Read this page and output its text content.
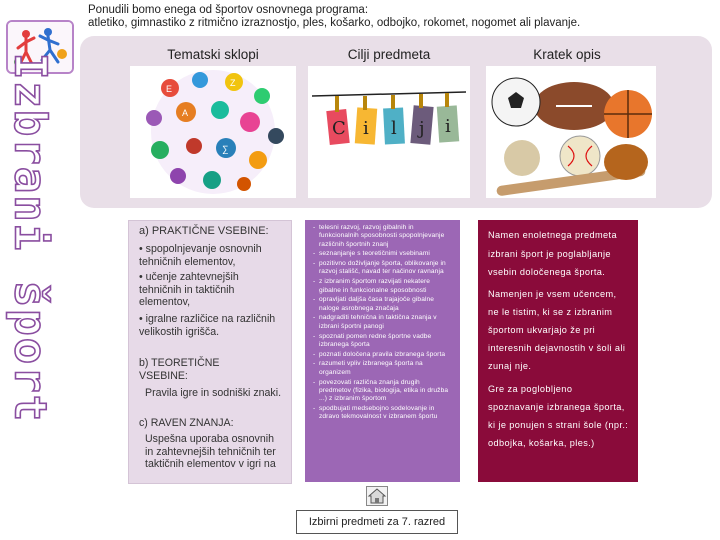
Ponudili bomo enega od športov osnovnega programa:
atletiko, gimnastiko z ritmično izraznostjo, ples, košarko, odbojko, rokomet, nogomet ali plavanje.
Izbrani šport	Tematski sklopi	Cilji predmeta	Kratek opis
E
Z
A
∑
C i l j i

a) PRAKTIČNE VSEBINE:

• spopolnjevanje osnovnih tehničnih elementov,

• učenje zahtevnejših tehničnih in taktičnih elementov,

• igralne različice na različnih velikostih igrišča.

b) TEORETIČNE VSEBINE:

Pravila igre in sodniški znaki.

c) RAVEN ZNANJA:

Uspešna uporaba osnovnih in zahtevnejših tehničnih ter taktičnih elementov v igri na

- telesni razvoj, razvoj gibalnih in funkcionalnih sposobnosti spopolnjevanje različnih športnih znanj
- seznanjanje s teoretičnimi vsebinami
- pozitivno doživljanje športa, oblikovanje in razvoj stališč, navad ter načinov ravnanja
- z izbranim športom razvijati nekatere gibalne in funkcionalne sposobnosti
- opravljati daljša časa trajajoče gibalne naloge asrobnega značaja
- nadgraditi tehnična in taktična znanja v izbrani športni panogi
- spoznati pomen redne športne vadbe izbranega športa
- poznati določena pravila izbranega športa
- razumeti vpliv izbranega športa na organizem
- povezovati različna znanja drugih predmetov (fizika, biologija, etika in družba ...) z izbranim športom
- spodbujati medsebojno sodelovanje in zdravo tekmovalnost v izbranem športu

Namen enoletnega predmeta

izbrani šport je poglabljanje

vsebin določenega športa.

Namenjen je vsem učencem,

ne le tistim, ki se z izbranim

športom ukvarjajo že pri

interesnih dejavnostih v šoli ali

zunaj nje.

Gre za poglobljeno

spoznavanje izbranega športa,

ki je ponujen s strani šole (npr.:

odbojka, košarka, ples.)

Izbirni predmeti za 7. razred
